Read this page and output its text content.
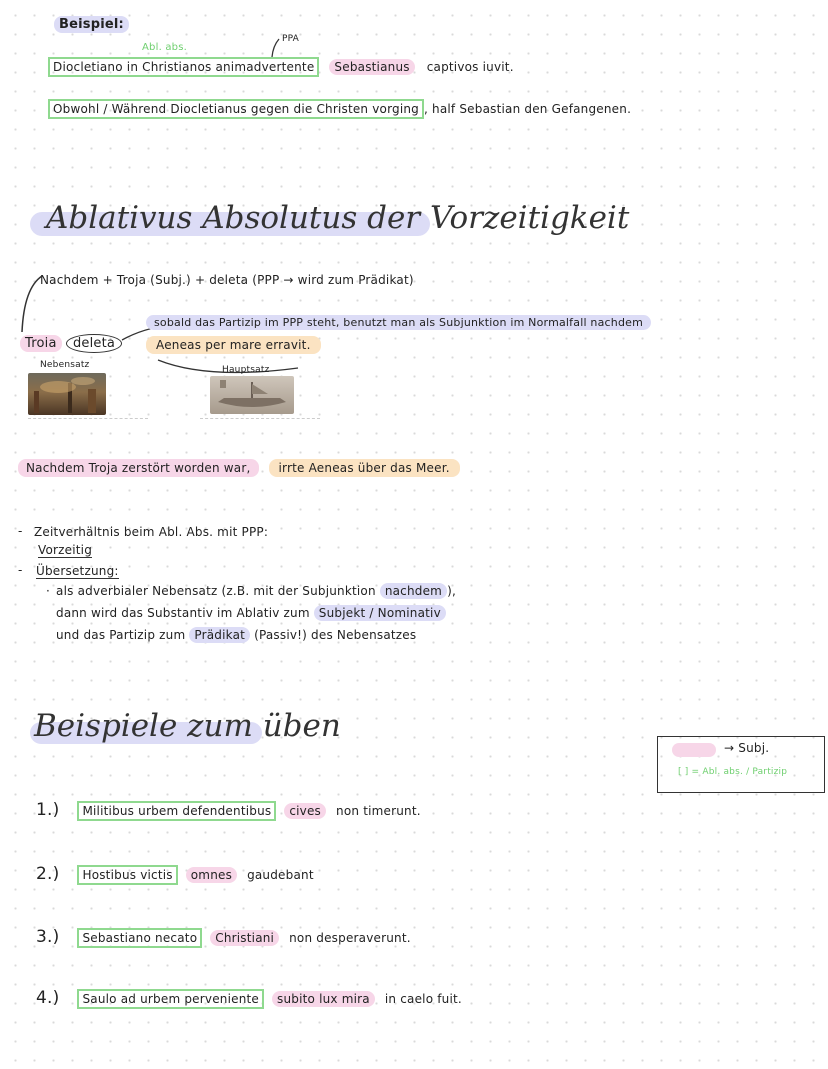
Beispiel:
Abl. abs.
PPA
Diocletiano in Christianos animadvertente Sebastianus captivos iuvit.
Obwohl / Während Diocletianus gegen die Christen vorging , half Sebastian den Gefangenen.
Ablativus Absolutus der Vorzeitigkeit
Nachdem + Troja (Subj.) + deleta (PPP → wird zum Prädikat)
Troia deleta
Nebensatz
sobald das Partizip im PPP steht, benutzt man als Subjunktion im Normalfall nachdem
Aeneas per mare erravit.
Hauptsatz
Nachdem Troja zerstört worden war, irrte Aeneas über das Meer.
- Zeitverhältnis beim Abl. Abs. mit PPP:
Vorzeitig
- Übersetzung:
· als adverbialer Nebensatz (z.B. mit der Subjunktion nachdem ),
dann wird das Substantiv im Ablativ zum Subjekt / Nominativ
und das Partizip zum Prädikat (Passiv!) des Nebensatzes
Beispiele zum üben
→ Subj.
[ ] = Abl. abs. / Partizip
1.) Militibus urbem defendentibus cives non timerunt.
2.) Hostibus victis omnes gaudebant
3.) Sebastiano necato Christiani non desperaverunt.
4.) Saulo ad urbem perveniente subito lux mira in caelo fuit.
